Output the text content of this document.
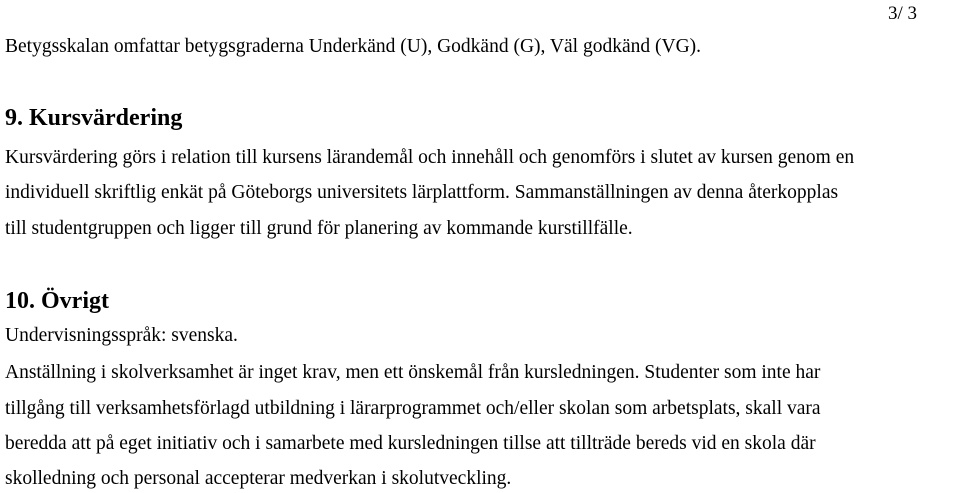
3/ 3
Betygsskalan omfattar betygsgraderna Underkänd (U), Godkänd (G), Väl godkänd (VG).
9. Kursvärdering
Kursvärdering görs i relation till kursens lärandemål och innehåll och genomförs i slutet av kursen genom en
individuell skriftlig enkät på Göteborgs universitets lärplattform. Sammanställningen av denna återkopplas
till studentgruppen och ligger till grund för planering av kommande kurstillfälle.
10. Övrigt
Undervisningsspråk: svenska.
Anställning i skolverksamhet är inget krav, men ett önskemål från kursledningen. Studenter som inte har
tillgång till verksamhetsförlagd utbildning i lärarprogrammet och/eller skolan som arbetsplats, skall vara
beredda att på eget initiativ och i samarbete med kursledningen tillse att tillträde bereds vid en skola där
skolledning och personal accepterar medverkan i skolutveckling.
